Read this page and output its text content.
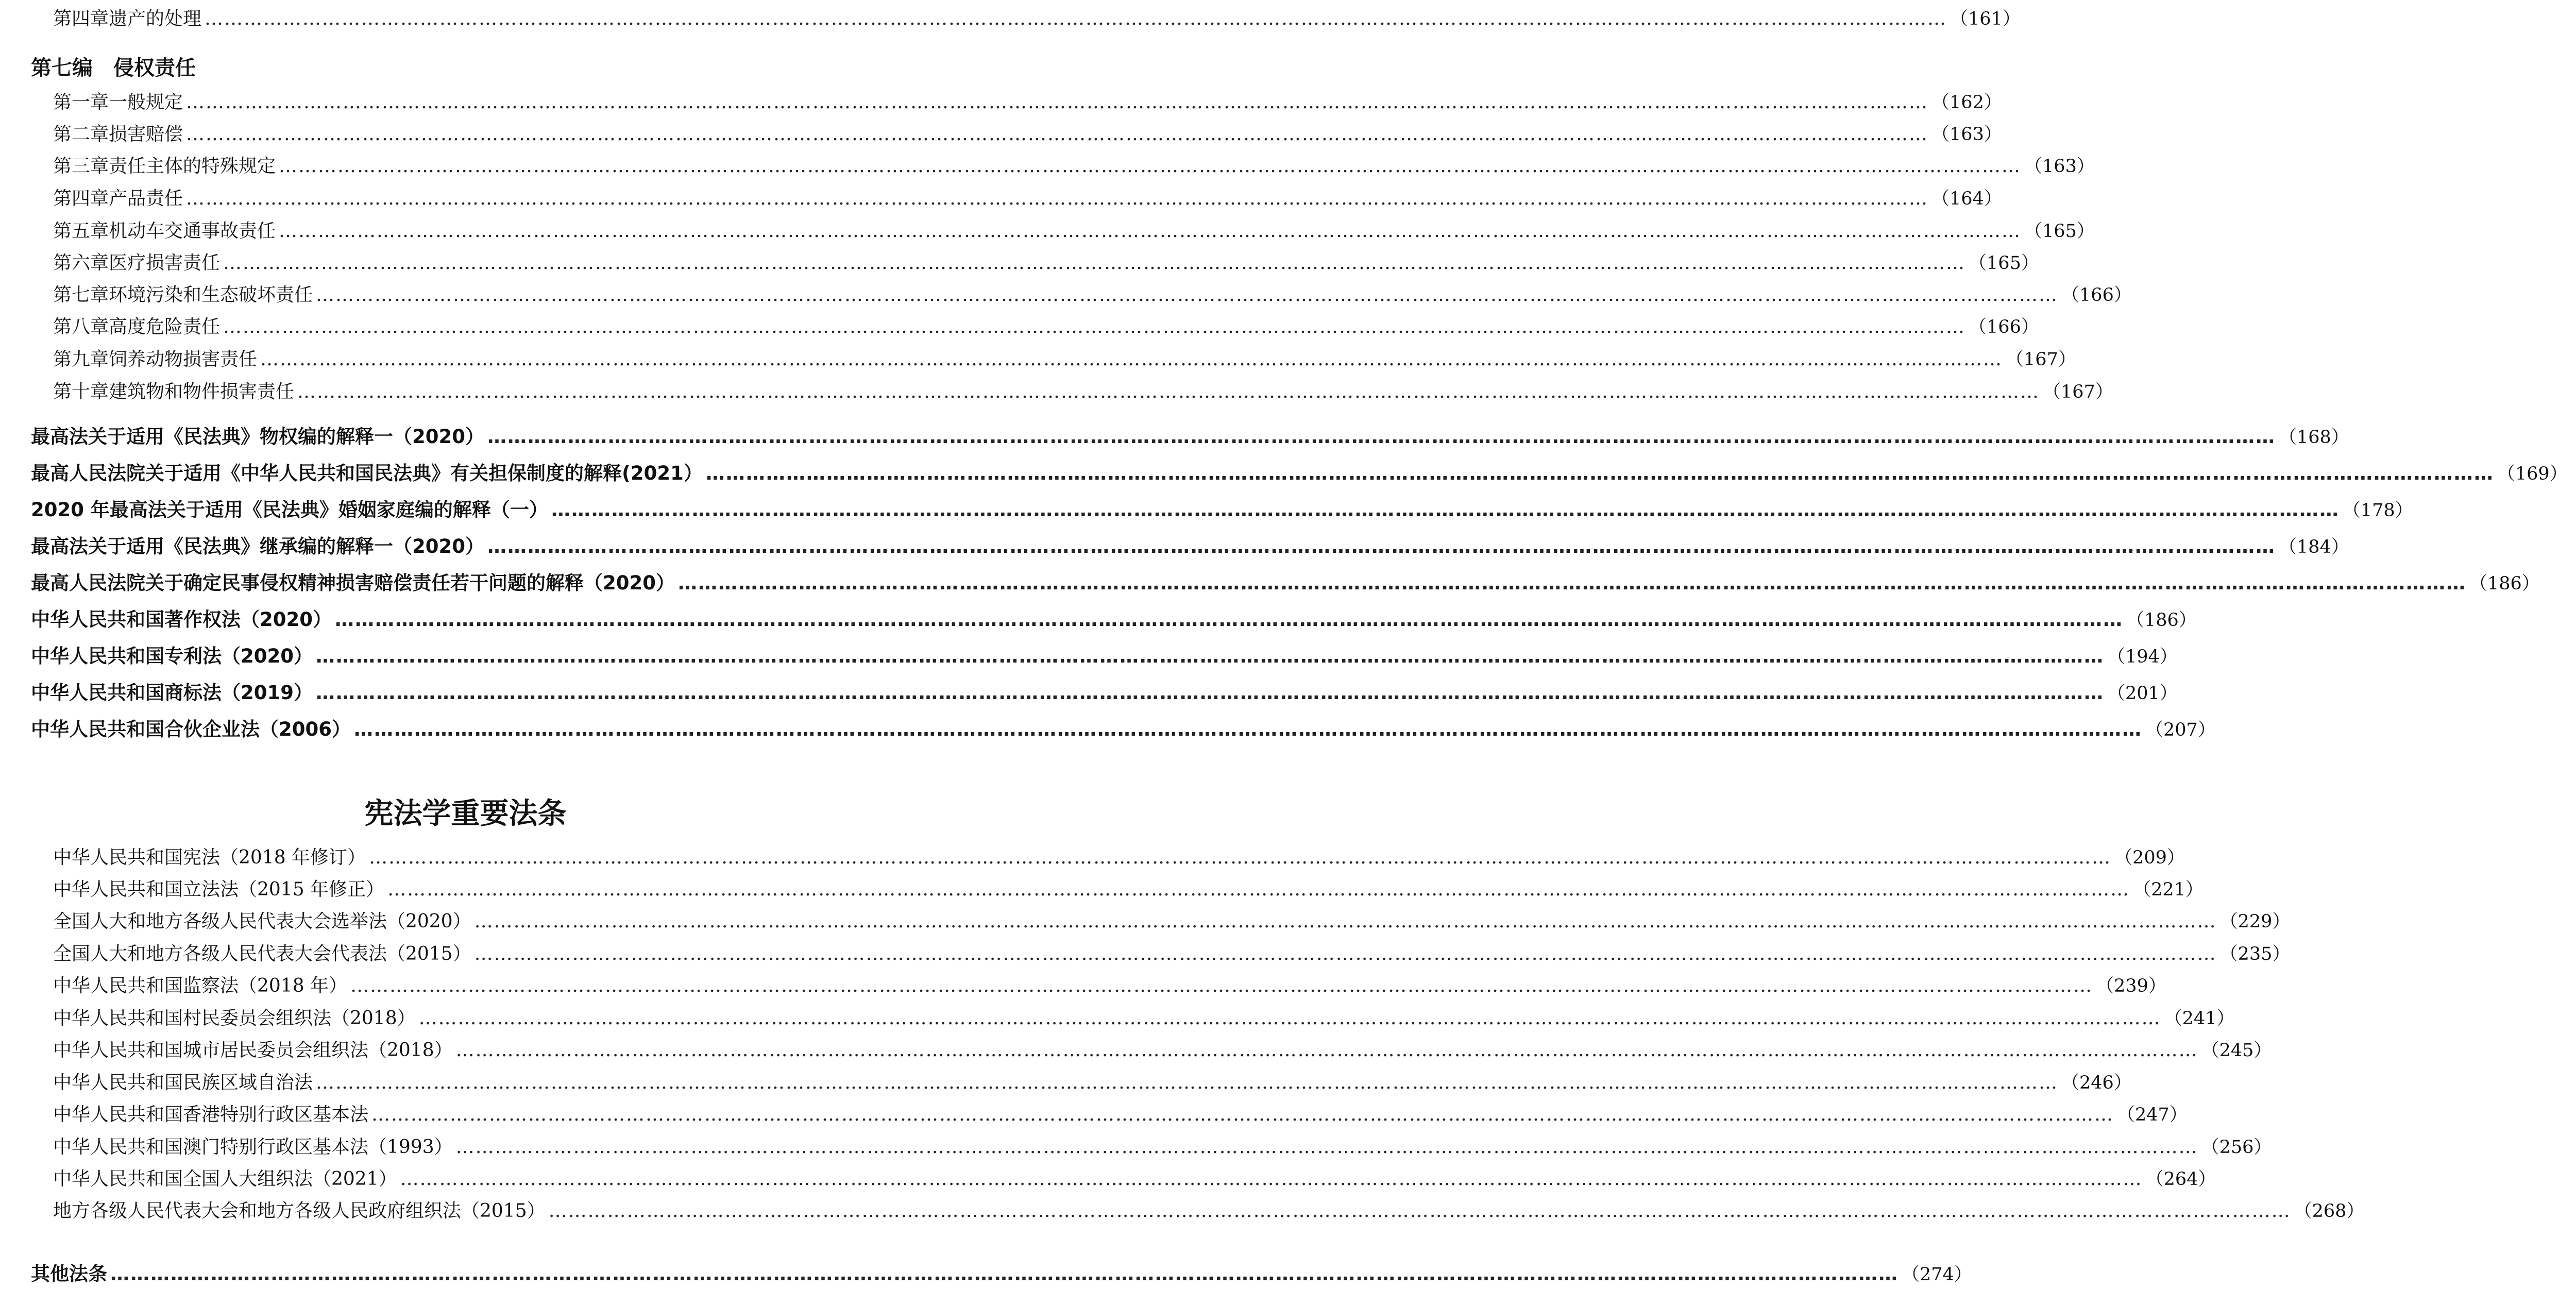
第四章 遗产的处理 …………………………………………………………………………………………………………………………………………………………………………………………………………………………………………… （161）
第七编　侵权责任
第一章 一般规定 …………………………………………………………………………………………………………………………………………………………………………………………………………………………………………… （162）
第二章 损害赔偿 …………………………………………………………………………………………………………………………………………………………………………………………………………………………………………… （163）
第三章 责任主体的特殊规定 …………………………………………………………………………………………………………………………………………………………………………………………………………………………………………… （163）
第四章 产品责任 …………………………………………………………………………………………………………………………………………………………………………………………………………………………………………… （164）
第五章 机动车交通事故责任 …………………………………………………………………………………………………………………………………………………………………………………………………………………………………………… （165）
第六章 医疗损害责任 …………………………………………………………………………………………………………………………………………………………………………………………………………………………………………… （165）
第七章 环境污染和生态破坏责任 …………………………………………………………………………………………………………………………………………………………………………………………………………………………………………… （166）
第八章 高度危险责任 …………………………………………………………………………………………………………………………………………………………………………………………………………………………………………… （166）
第九章 饲养动物损害责任 …………………………………………………………………………………………………………………………………………………………………………………………………………………………………………… （167）
第十章 建筑物和物件损害责任 …………………………………………………………………………………………………………………………………………………………………………………………………………………………………………… （167）
最高法关于适用《民法典》物权编的解释一（2020） …………………………………………………………………………………………………………………………………………………………………………………………………………………………………………… （168）
最高人民法院关于适用《中华人民共和国民法典》有关担保制度的解释(2021） …………………………………………………………………………………………………………………………………………………………………………………………………………………………………………… （169）
2020 年最高法关于适用《民法典》婚姻家庭编的解释（一） …………………………………………………………………………………………………………………………………………………………………………………………………………………………………………… （178）
最高法关于适用《民法典》继承编的解释一（2020） …………………………………………………………………………………………………………………………………………………………………………………………………………………………………………… （184）
最高人民法院关于确定民事侵权精神损害赔偿责任若干问题的解释（2020） …………………………………………………………………………………………………………………………………………………………………………………………………………………………………………… （186）
中华人民共和国著作权法（2020） …………………………………………………………………………………………………………………………………………………………………………………………………………………………………………… （186）
中华人民共和国专利法（2020） …………………………………………………………………………………………………………………………………………………………………………………………………………………………………………… （194）
中华人民共和国商标法（2019） …………………………………………………………………………………………………………………………………………………………………………………………………………………………………………… （201）
中华人民共和国合伙企业法（2006） …………………………………………………………………………………………………………………………………………………………………………………………………………………………………………… （207）
宪法学重要法条
中华人民共和国宪法（2018 年修订） …………………………………………………………………………………………………………………………………………………………………………………………………………………………………………… （209）
中华人民共和国立法法（2015 年修正） …………………………………………………………………………………………………………………………………………………………………………………………………………………………………………… （221）
全国人大和地方各级人民代表大会选举法（2020） …………………………………………………………………………………………………………………………………………………………………………………………………………………………………………… （229）
全国人大和地方各级人民代表大会代表法（2015） …………………………………………………………………………………………………………………………………………………………………………………………………………………………………………… （235）
中华人民共和国监察法（2018 年） …………………………………………………………………………………………………………………………………………………………………………………………………………………………………………… （239）
中华人民共和国村民委员会组织法（2018） …………………………………………………………………………………………………………………………………………………………………………………………………………………………………………… （241）
中华人民共和国城市居民委员会组织法（2018） …………………………………………………………………………………………………………………………………………………………………………………………………………………………………………… （245）
中华人民共和国民族区域自治法 …………………………………………………………………………………………………………………………………………………………………………………………………………………………………………… （246）
中华人民共和国香港特别行政区基本法 …………………………………………………………………………………………………………………………………………………………………………………………………………………………………………… （247）
中华人民共和国澳门特别行政区基本法（1993） …………………………………………………………………………………………………………………………………………………………………………………………………………………………………………… （256）
中华人民共和国全国人大组织法（2021） …………………………………………………………………………………………………………………………………………………………………………………………………………………………………………… （264）
地方各级人民代表大会和地方各级人民政府组织法（2015） …………………………………………………………………………………………………………………………………………………………………………………………………………………………………………… （268）
其他法条 …………………………………………………………………………………………………………………………………………………………………………………………………………………………………………… （274）
